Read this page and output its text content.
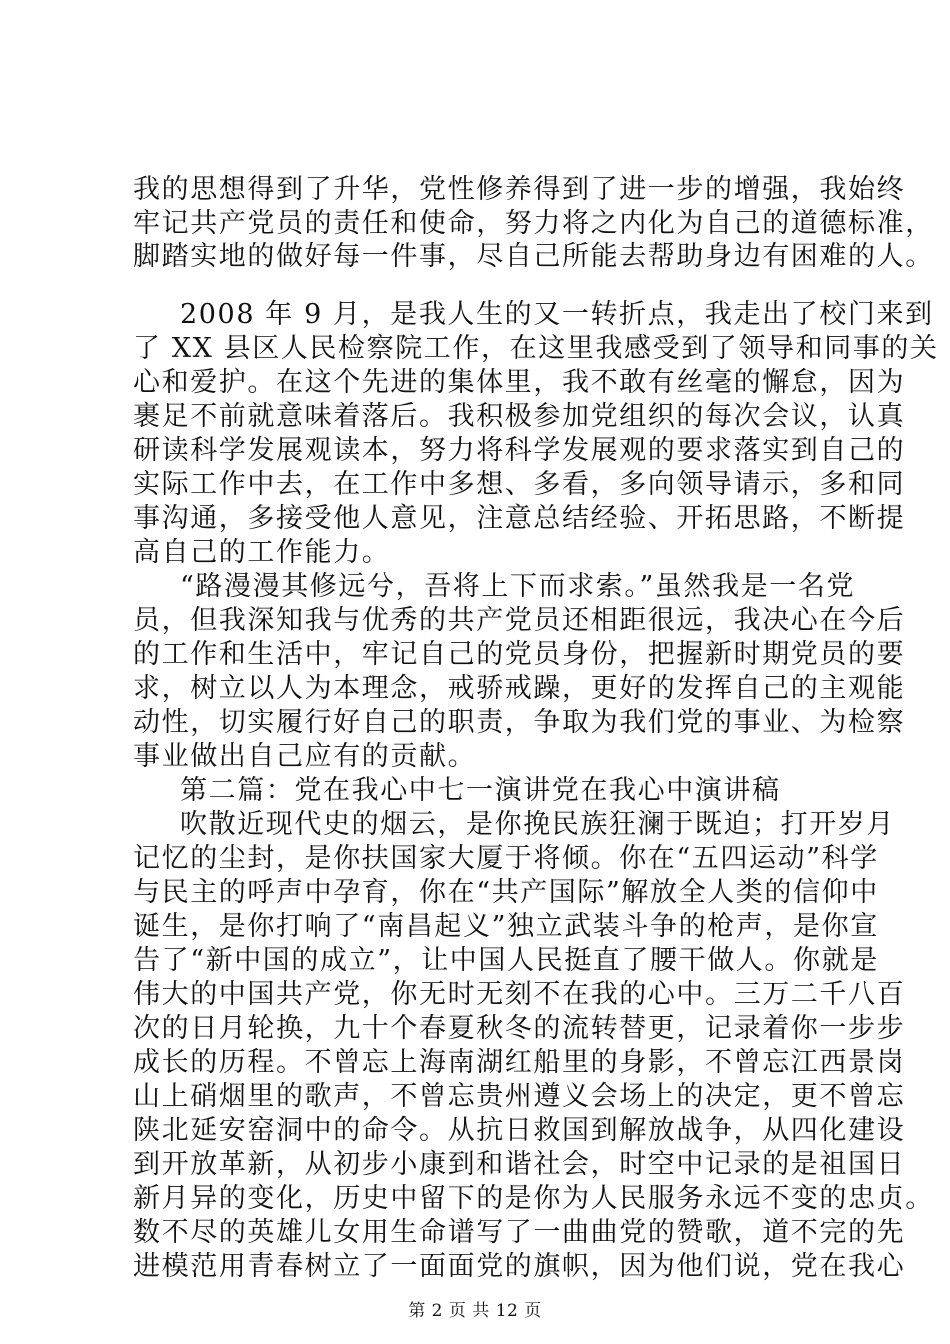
我的思想得到了升华，党性修养得到了进一步的增强，我始终
牢记共产党员的责任和使命，努力将之内化为自己的道德标准，
脚踏实地的做好每一件事，尽自己所能去帮助身边有困难的人。
2008 年 9 月，是我人生的又一转折点，我走出了校门来到
了 XX 县区人民检察院工作，在这里我感受到了领导和同事的关
心和爱护。在这个先进的集体里，我不敢有丝毫的懈怠，因为
裹足不前就意味着落后。我积极参加党组织的每次会议，认真
研读科学发展观读本，努力将科学发展观的要求落实到自己的
实际工作中去，在工作中多想、多看，多向领导请示，多和同
事沟通，多接受他人意见，注意总结经验、开拓思路，不断提
高自己的工作能力。
“路漫漫其修远兮，吾将上下而求索。”虽然我是一名党
员，但我深知我与优秀的共产党员还相距很远，我决心在今后
的工作和生活中，牢记自己的党员身份，把握新时期党员的要
求，树立以人为本理念，戒骄戒躁，更好的发挥自己的主观能
动性，切实履行好自己的职责，争取为我们党的事业、为检察
事业做出自己应有的贡献。
第二篇：党在我心中七一演讲党在我心中演讲稿
吹散近现代史的烟云，是你挽民族狂澜于既迫；打开岁月
记忆的尘封，是你扶国家大厦于将倾。你在“五四运动”科学
与民主的呼声中孕育，你在“共产国际”解放全人类的信仰中
诞生，是你打响了“南昌起义”独立武装斗争的枪声，是你宣
告了“新中国的成立”，让中国人民挺直了腰干做人。你就是
伟大的中国共产党，你无时无刻不在我的心中。三万二千八百
次的日月轮换，九十个春夏秋冬的流转替更，记录着你一步步
成长的历程。不曾忘上海南湖红船里的身影，不曾忘江西景岗
山上硝烟里的歌声，不曾忘贵州遵义会场上的决定，更不曾忘
陕北延安窑洞中的命令。从抗日救国到解放战争，从四化建设
到开放革新，从初步小康到和谐社会，时空中记录的是祖国日
新月异的变化，历史中留下的是你为人民服务永远不变的忠贞。
数不尽的英雄儿女用生命谱写了一曲曲党的赞歌，道不完的先
进模范用青春树立了一面面党的旗帜，因为他们说，党在我心
第 2 页 共 12 页
